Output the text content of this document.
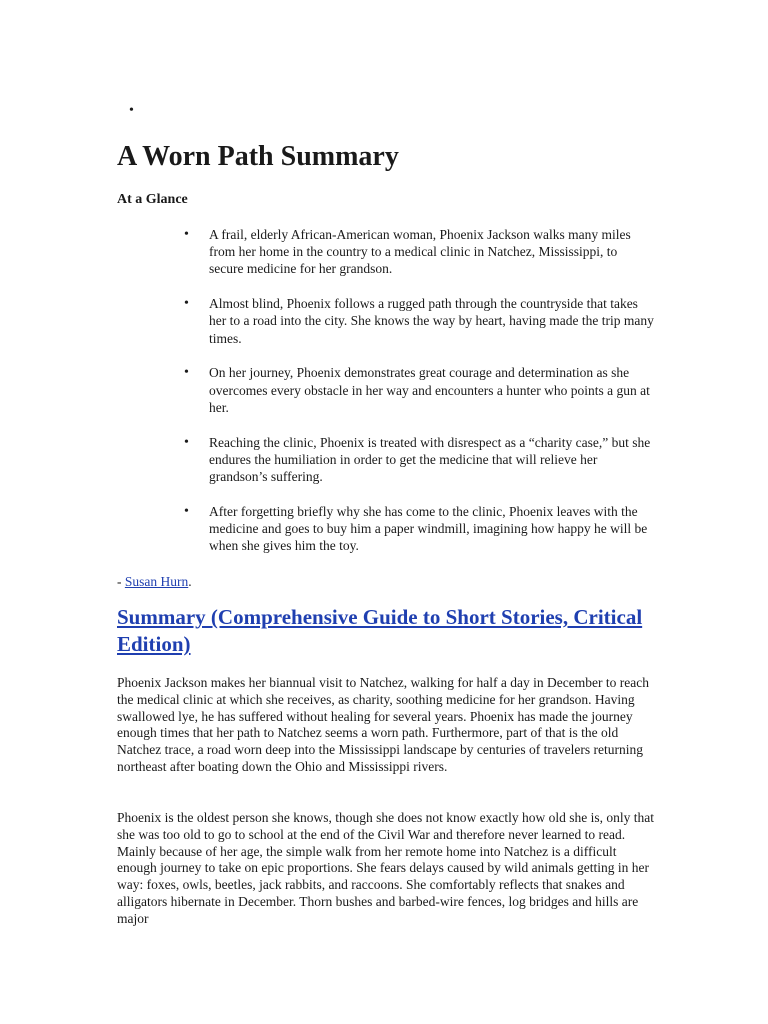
•
A Worn Path Summary
At a Glance
• A frail, elderly African-American woman, Phoenix Jackson walks many miles from her home in the country to a medical clinic in Natchez, Mississippi, to secure medicine for her grandson.
• Almost blind, Phoenix follows a rugged path through the countryside that takes her to a road into the city. She knows the way by heart, having made the trip many times.
• On her journey, Phoenix demonstrates great courage and determination as she overcomes every obstacle in her way and encounters a hunter who points a gun at her.
• Reaching the clinic, Phoenix is treated with disrespect as a “charity case,” but she endures the humiliation in order to get the medicine that will relieve her grandson’s suffering.
• After forgetting briefly why she has come to the clinic, Phoenix leaves with the medicine and goes to buy him a paper windmill, imagining how happy he will be when she gives him the toy.
- Susan Hurn.
Summary (Comprehensive Guide to Short Stories, Critical Edition)

Phoenix Jackson makes her biannual visit to Natchez, walking for half a day in December to reach the medical clinic at which she receives, as charity, soothing medicine for her grandson. Having swallowed lye, he has suffered without healing for several years. Phoenix has made the journey enough times that her path to Natchez seems a worn path. Furthermore, part of that is the old Natchez trace, a road worn deep into the Mississippi landscape by centuries of travelers returning northeast after boating down the Ohio and Mississippi rivers.

Phoenix is the oldest person she knows, though she does not know exactly how old she is, only that she was too old to go to school at the end of the Civil War and therefore never learned to read. Mainly because of her age, the simple walk from her remote home into Natchez is a difficult enough journey to take on epic proportions. She fears delays caused by wild animals getting in her way: foxes, owls, beetles, jack rabbits, and raccoons. She comfortably reflects that snakes and alligators hibernate in December. Thorn bushes and barbed-wire fences, log bridges and hills are major
